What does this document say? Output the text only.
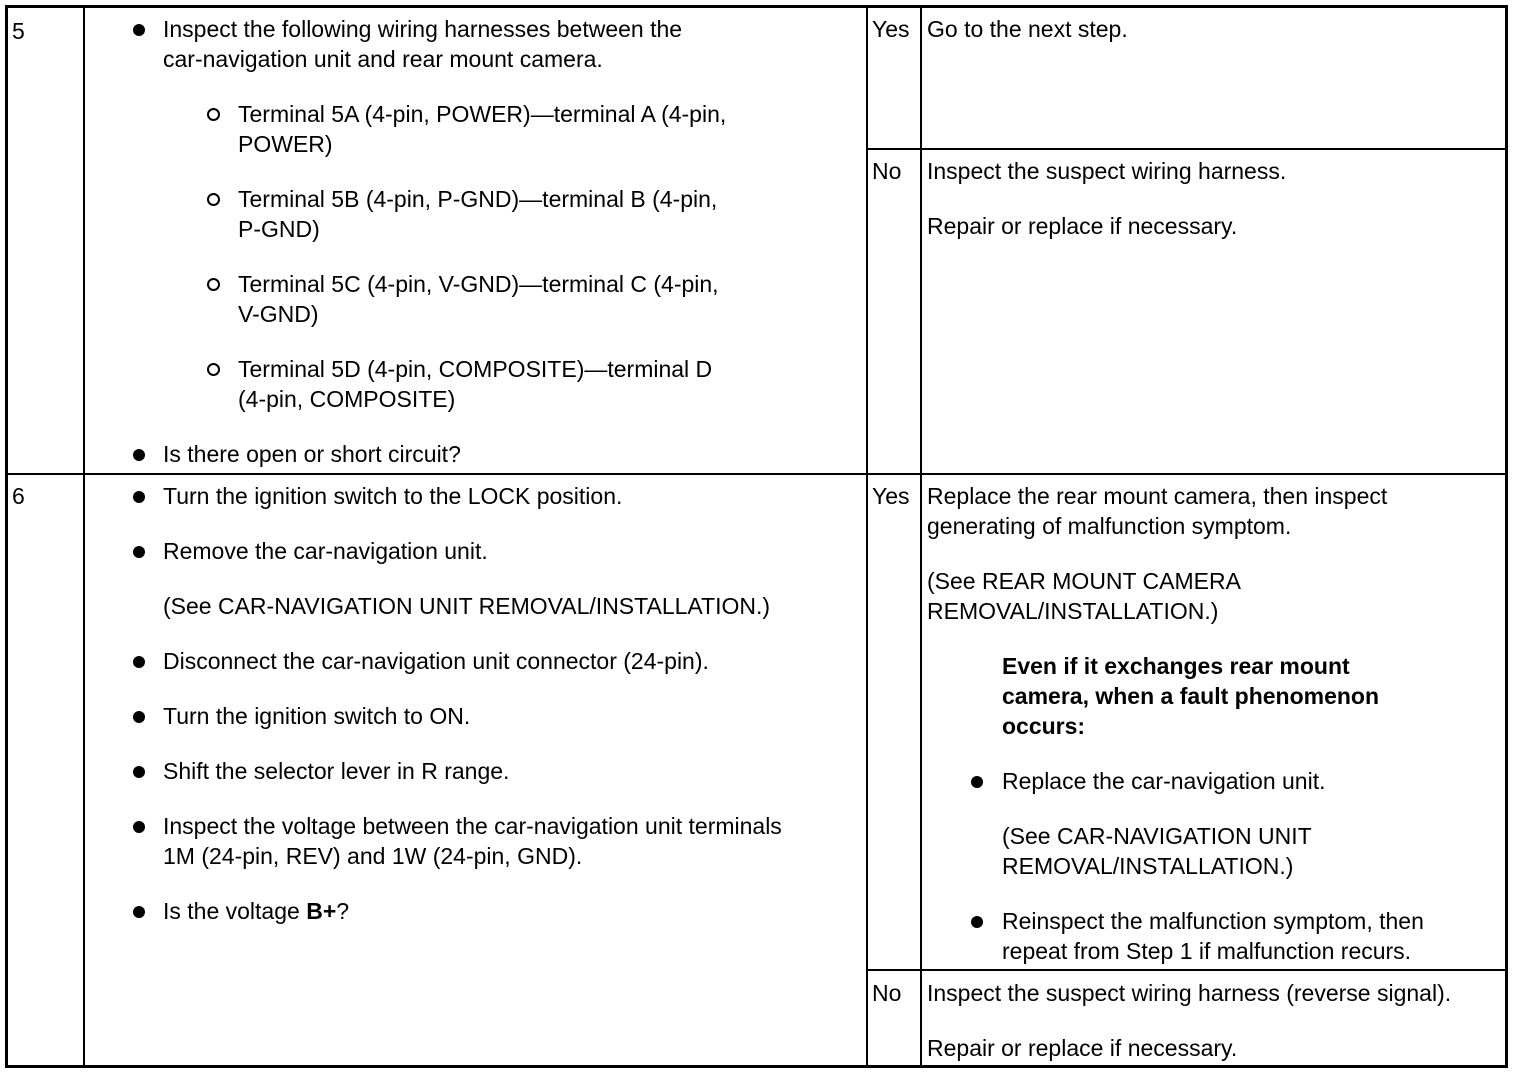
5	Inspect the following wiring harnesses between the
car-navigation unit and rear mount camera.
Terminal 5A (4-pin, POWER)—terminal A (4-pin,
POWER)
Terminal 5B (4-pin, P-GND)—terminal B (4-pin,
P-GND)
Terminal 5C (4-pin, V-GND)—terminal C (4-pin,
V-GND)
Terminal 5D (4-pin, COMPOSITE)—terminal D
(4-pin, COMPOSITE)
Is there open or short circuit?
Yes Go to the next step.
No Inspect the suspect wiring harness.
Repair or replace if necessary.
6	Turn the ignition switch to the LOCK position.
Remove the car-navigation unit.
(See CAR-NAVIGATION UNIT REMOVAL/INSTALLATION.)
Disconnect the car-navigation unit connector (24-pin).
Turn the ignition switch to ON.
Shift the selector lever in R range.
Inspect the voltage between the car-navigation unit terminals
1M (24-pin, REV) and 1W (24-pin, GND).
Is the voltage B+?
Yes Replace the rear mount camera, then inspect
generating of malfunction symptom.
(See REAR MOUNT CAMERA
REMOVAL/INSTALLATION.)
Even if it exchanges rear mount
camera, when a fault phenomenon
occurs:
Replace the car-navigation unit.
(See CAR-NAVIGATION UNIT
REMOVAL/INSTALLATION.)
Reinspect the malfunction symptom, then
repeat from Step 1 if malfunction recurs.
No Inspect the suspect wiring harness (reverse signal).
Repair or replace if necessary.
